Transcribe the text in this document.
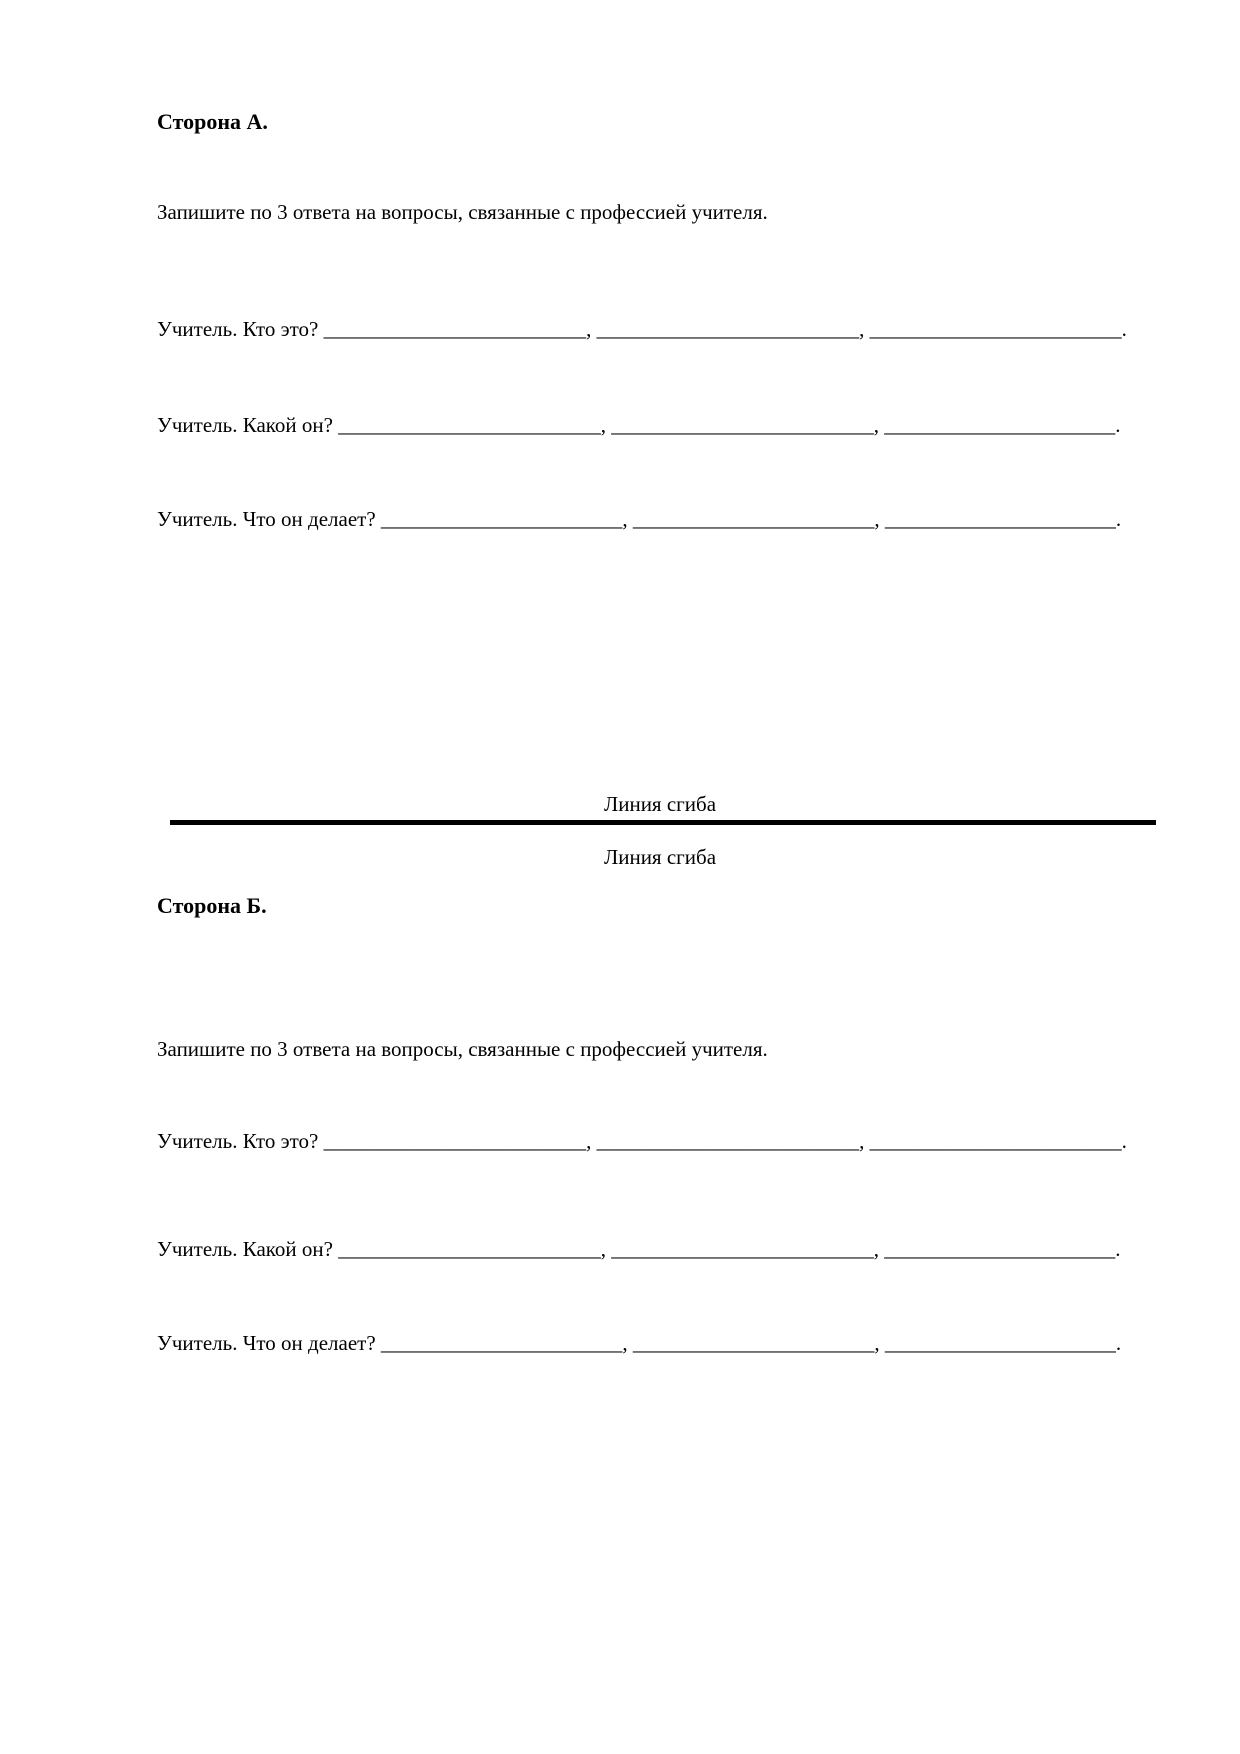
Сторона А.

Запишите по 3 ответа на вопросы, связанные с профессией учителя.

Учитель. Кто это? _________________________, _________________________, ________________________.

Учитель. Какой он? _________________________, _________________________, ______________________.

Учитель. Что он делает? _______________________, _______________________, ______________________.

Линия сгиба

Линия сгиба

Сторона Б.

Запишите по 3 ответа на вопросы, связанные с профессией учителя.

Учитель. Кто это? _________________________, _________________________, ________________________.

Учитель. Какой он? _________________________, _________________________, ______________________.

Учитель. Что он делает? _______________________, _______________________, ______________________.
